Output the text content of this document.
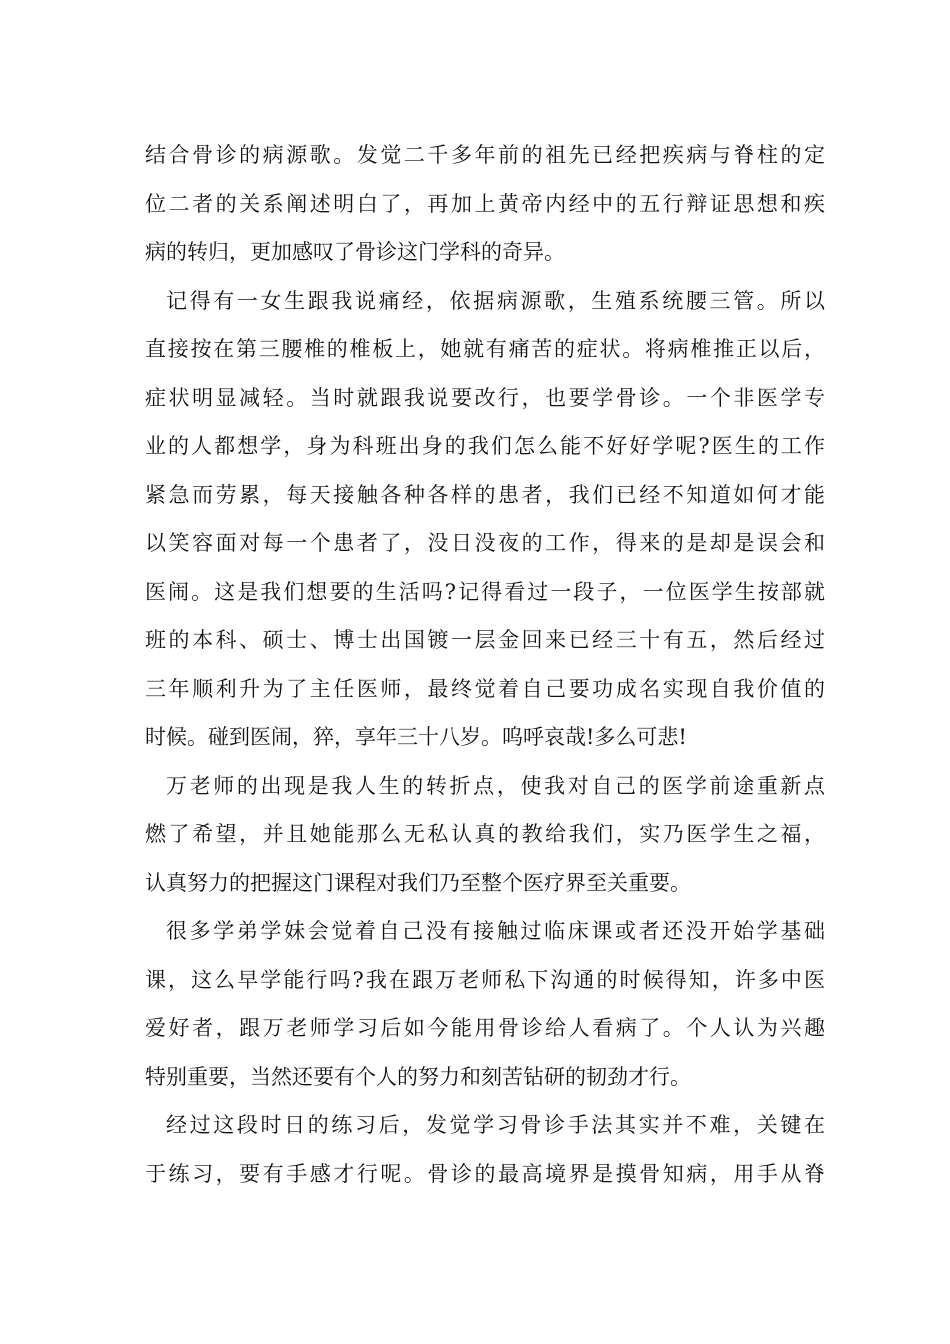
结合骨诊的病源歌。发觉二千多年前的祖先已经把疾病与脊柱的定
位二者的关系阐述明白了，再加上黄帝内经中的五行辩证思想和疾
病的转归，更加感叹了骨诊这门学科的奇异。
记得有一女生跟我说痛经，依据病源歌，生殖系统腰三管。所以
直接按在第三腰椎的椎板上，她就有痛苦的症状。将病椎推正以后，
症状明显减轻。当时就跟我说要改行，也要学骨诊。一个非医学专
业的人都想学，身为科班出身的我们怎么能不好好学呢?医生的工作
紧急而劳累，每天接触各种各样的患者，我们已经不知道如何才能
以笑容面对每一个患者了，没日没夜的工作，得来的是却是误会和
医闹。这是我们想要的生活吗?记得看过一段子，一位医学生按部就
班的本科、硕士、博士出国镀一层金回来已经三十有五，然后经过
三年顺利升为了主任医师，最终觉着自己要功成名实现自我价值的
时候。碰到医闹，猝，享年三十八岁。呜呼哀哉!多么可悲!
万老师的出现是我人生的转折点，使我对自己的医学前途重新点
燃了希望，并且她能那么无私认真的教给我们，实乃医学生之福，
认真努力的把握这门课程对我们乃至整个医疗界至关重要。
很多学弟学妹会觉着自己没有接触过临床课或者还没开始学基础
课，这么早学能行吗?我在跟万老师私下沟通的时候得知，许多中医
爱好者，跟万老师学习后如今能用骨诊给人看病了。个人认为兴趣
特别重要，当然还要有个人的努力和刻苦钻研的韧劲才行。
经过这段时日的练习后，发觉学习骨诊手法其实并不难，关键在
于练习，要有手感才行呢。骨诊的最高境界是摸骨知病，用手从脊
